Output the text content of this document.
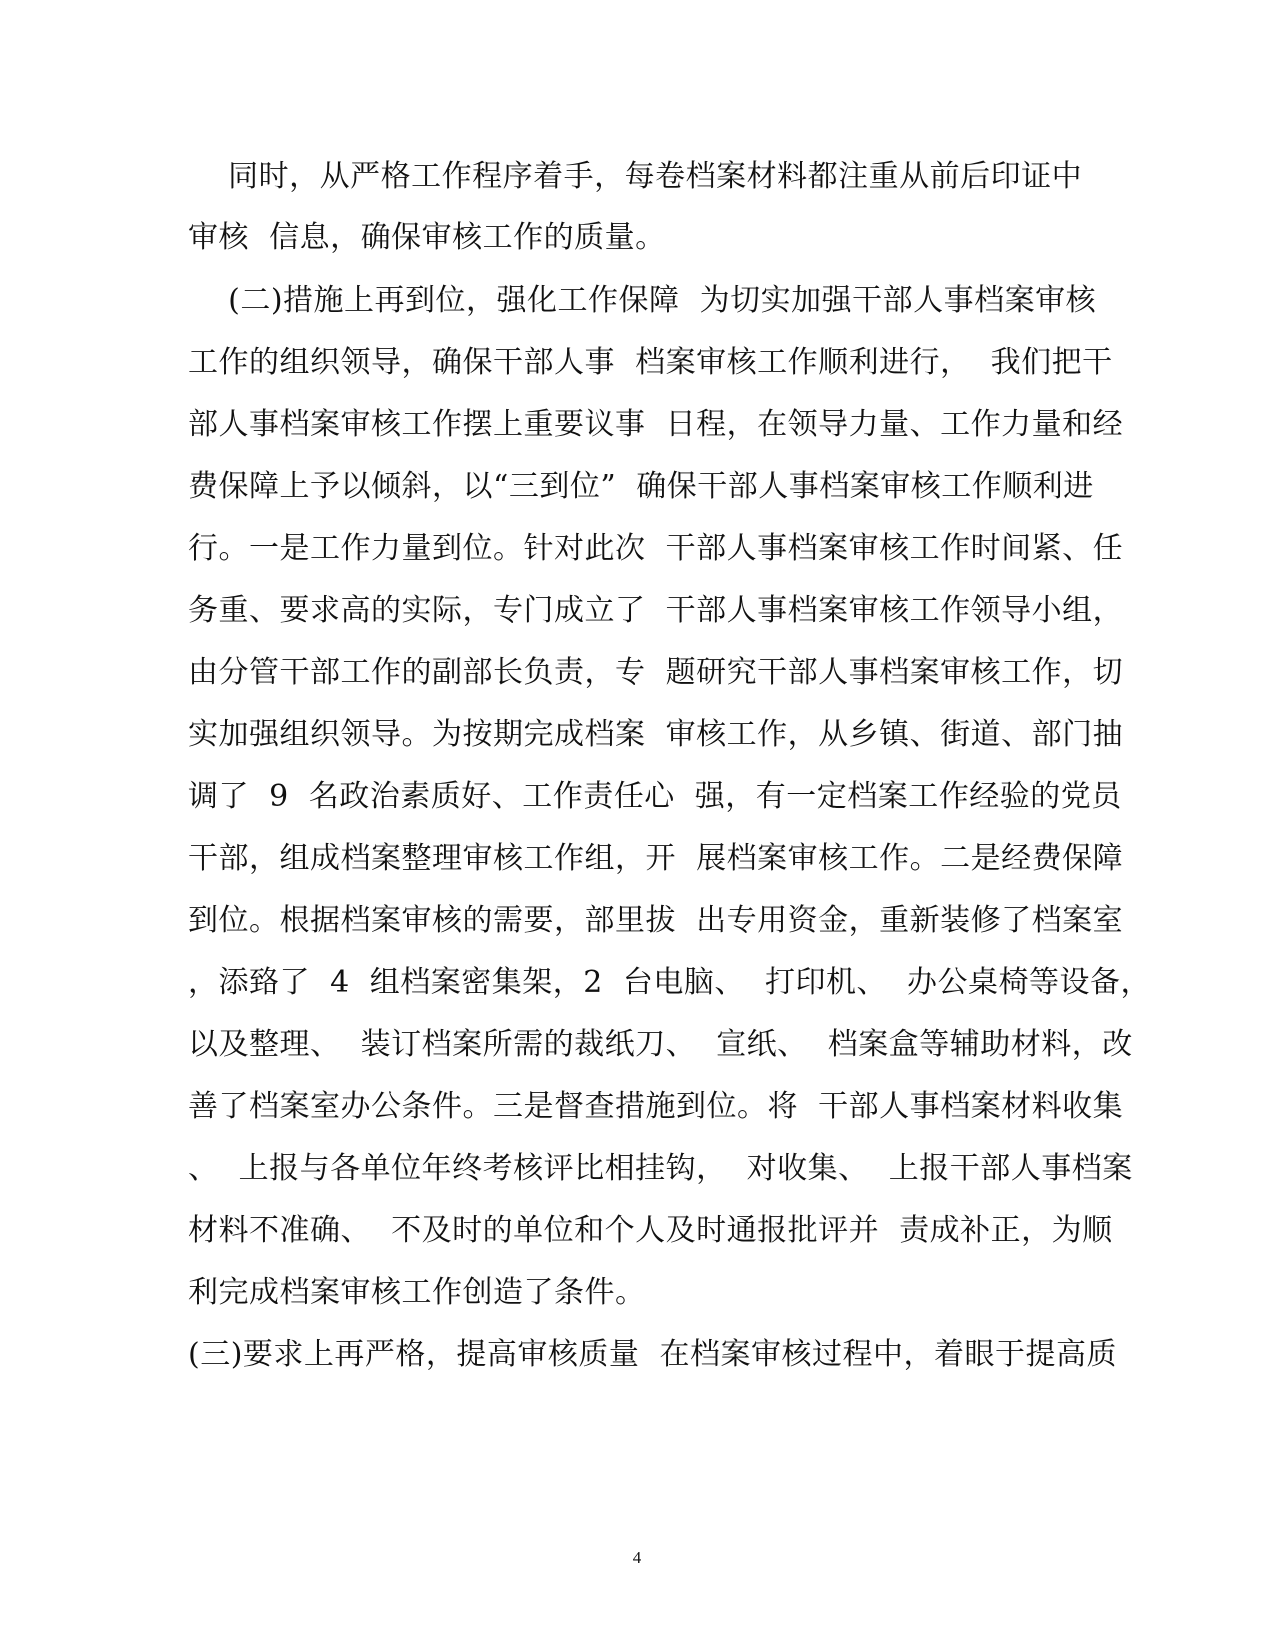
同时，从严格工作程序着手，每卷档案材料都注重从前后印证中
审核  信息，确保审核工作的质量。
(二)措施上再到位，强化工作保障  为切实加强干部人事档案审核
工作的组织领导，确保干部人事  档案审核工作顺利进行，  我们把干
部人事档案审核工作摆上重要议事  日程，在领导力量、工作力量和经
费保障上予以倾斜，以“三到位”  确保干部人事档案审核工作顺利进
行。一是工作力量到位。针对此次  干部人事档案审核工作时间紧、任
务重、要求高的实际，专门成立了  干部人事档案审核工作领导小组，
由分管干部工作的副部长负责，专  题研究干部人事档案审核工作，切
实加强组织领导。为按期完成档案  审核工作，从乡镇、街道、部门抽
调了  9  名政治素质好、工作责任心  强，有一定档案工作经验的党员
干部，组成档案整理审核工作组，开  展档案审核工作。二是经费保障
到位。根据档案审核的需要，部里拔  出专用资金，重新装修了档案室
，添臵了  4  组档案密集架，2  台电脑、  打印机、  办公桌椅等设备，
以及整理、  装订档案所需的裁纸刀、  宣纸、  档案盒等辅助材料，改
善了档案室办公条件。三是督查措施到位。将  干部人事档案材料收集
、  上报与各单位年终考核评比相挂钩，  对收集、  上报干部人事档案
材料不准确、  不及时的单位和个人及时通报批评并  责成补正，为顺
利完成档案审核工作创造了条件。
(三)要求上再严格，提高审核质量  在档案审核过程中，着眼于提高质
4
